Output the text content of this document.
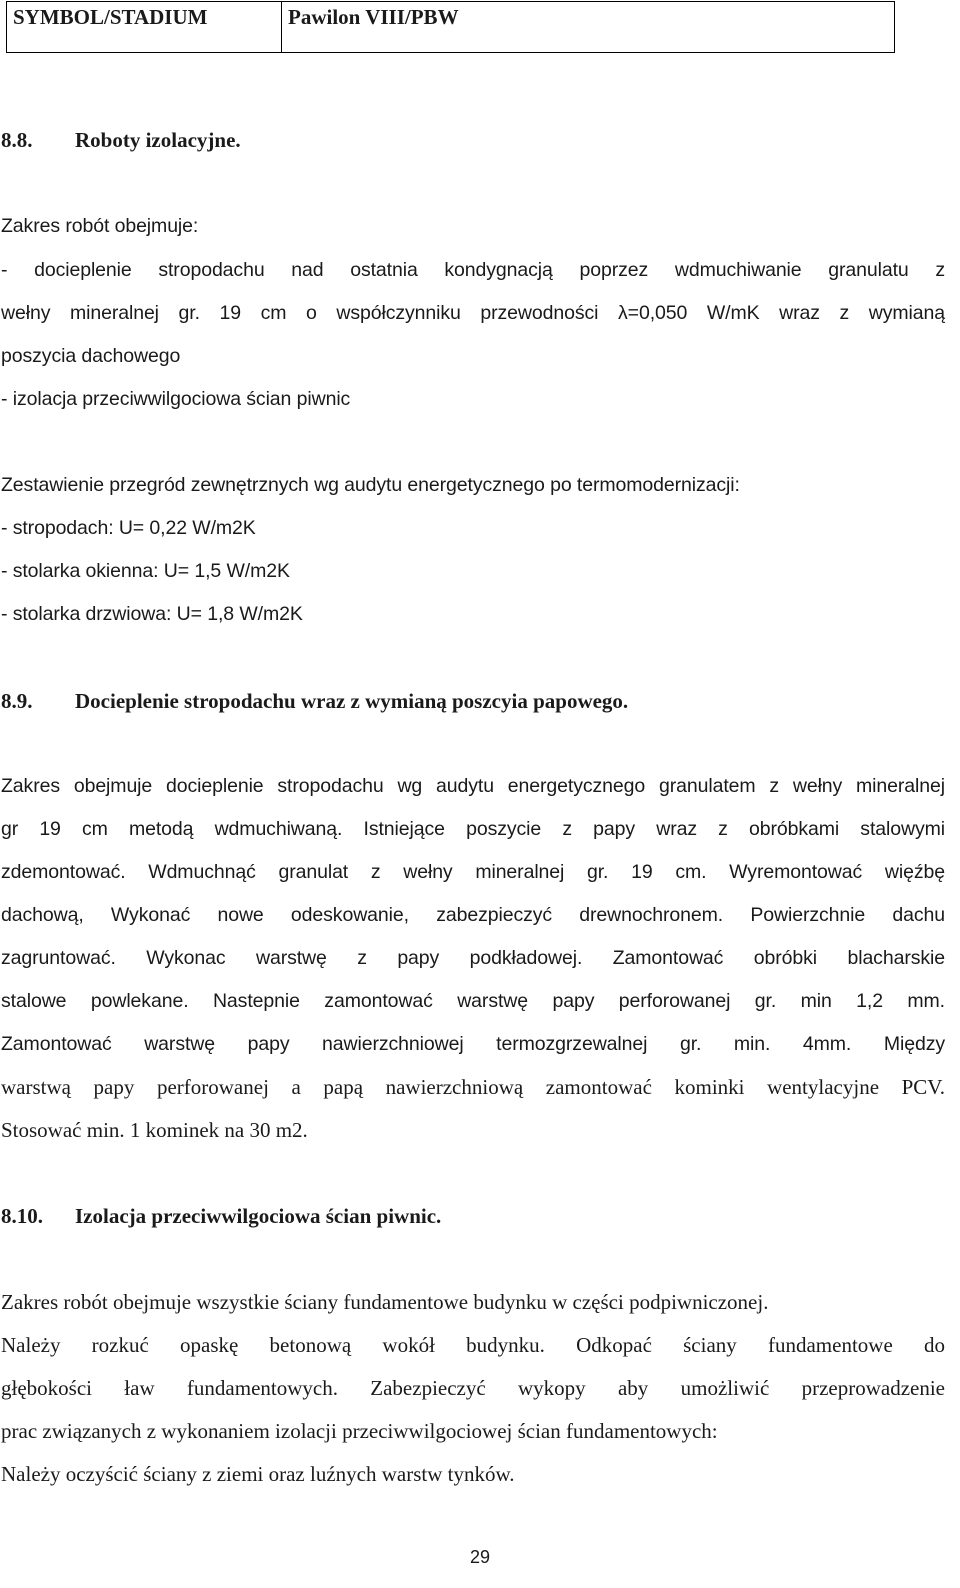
SYMBOL/STADIUM	Pawilon VIII/PBW
8.8. Roboty izolacyjne.
Zakres robót obejmuje:
- docieplenie stropodachu nad ostatnia kondygnacją poprzez wdmuchiwanie granulatu z
wełny mineralnej gr. 19 cm o współczynniku przewodności λ=0,050 W/mK wraz z wymianą
poszycia dachowego
- izolacja przeciwwilgociowa ścian piwnic
Zestawienie przegród zewnętrznych wg audytu energetycznego po termomodernizacji:
- stropodach: U= 0,22 W/m2K
- stolarka okienna: U= 1,5 W/m2K
- stolarka drzwiowa: U= 1,8 W/m2K
8.9. Docieplenie stropodachu wraz z wymianą poszcyia papowego.
Zakres obejmuje docieplenie stropodachu wg audytu energetycznego granulatem z wełny mineralnej
gr 19 cm metodą wdmuchiwaną. Istniejące poszycie z papy wraz z obróbkami stalowymi
zdemontować. Wdmuchnąć granulat z wełny mineralnej gr. 19 cm. Wyremontować więźbę
dachową, Wykonać nowe odeskowanie, zabezpieczyć drewnochronem. Powierzchnie dachu
zagruntować. Wykonac warstwę z papy podkładowej. Zamontować obróbki blacharskie
stalowe powlekane. Nastepnie zamontować warstwę papy perforowanej gr. min 1,2 mm.
Zamontować warstwę papy nawierzchniowej termozgrzewalnej gr. min. 4mm. Między
warstwą papy perforowanej a papą nawierzchniową zamontować kominki wentylacyjne PCV.
Stosować min. 1 kominek na 30 m2.
8.10. Izolacja przeciwwilgociowa ścian piwnic.
Zakres robót obejmuje wszystkie ściany fundamentowe budynku w części podpiwniczonej.
Należy rozkuć opaskę betonową wokół budynku. Odkopać ściany fundamentowe do
głębokości ław fundamentowych. Zabezpieczyć wykopy aby umożliwić przeprowadzenie
prac związanych z wykonaniem izolacji przeciwwilgociowej ścian fundamentowych:
Należy oczyścić ściany z ziemi oraz luźnych warstw tynków.
29
